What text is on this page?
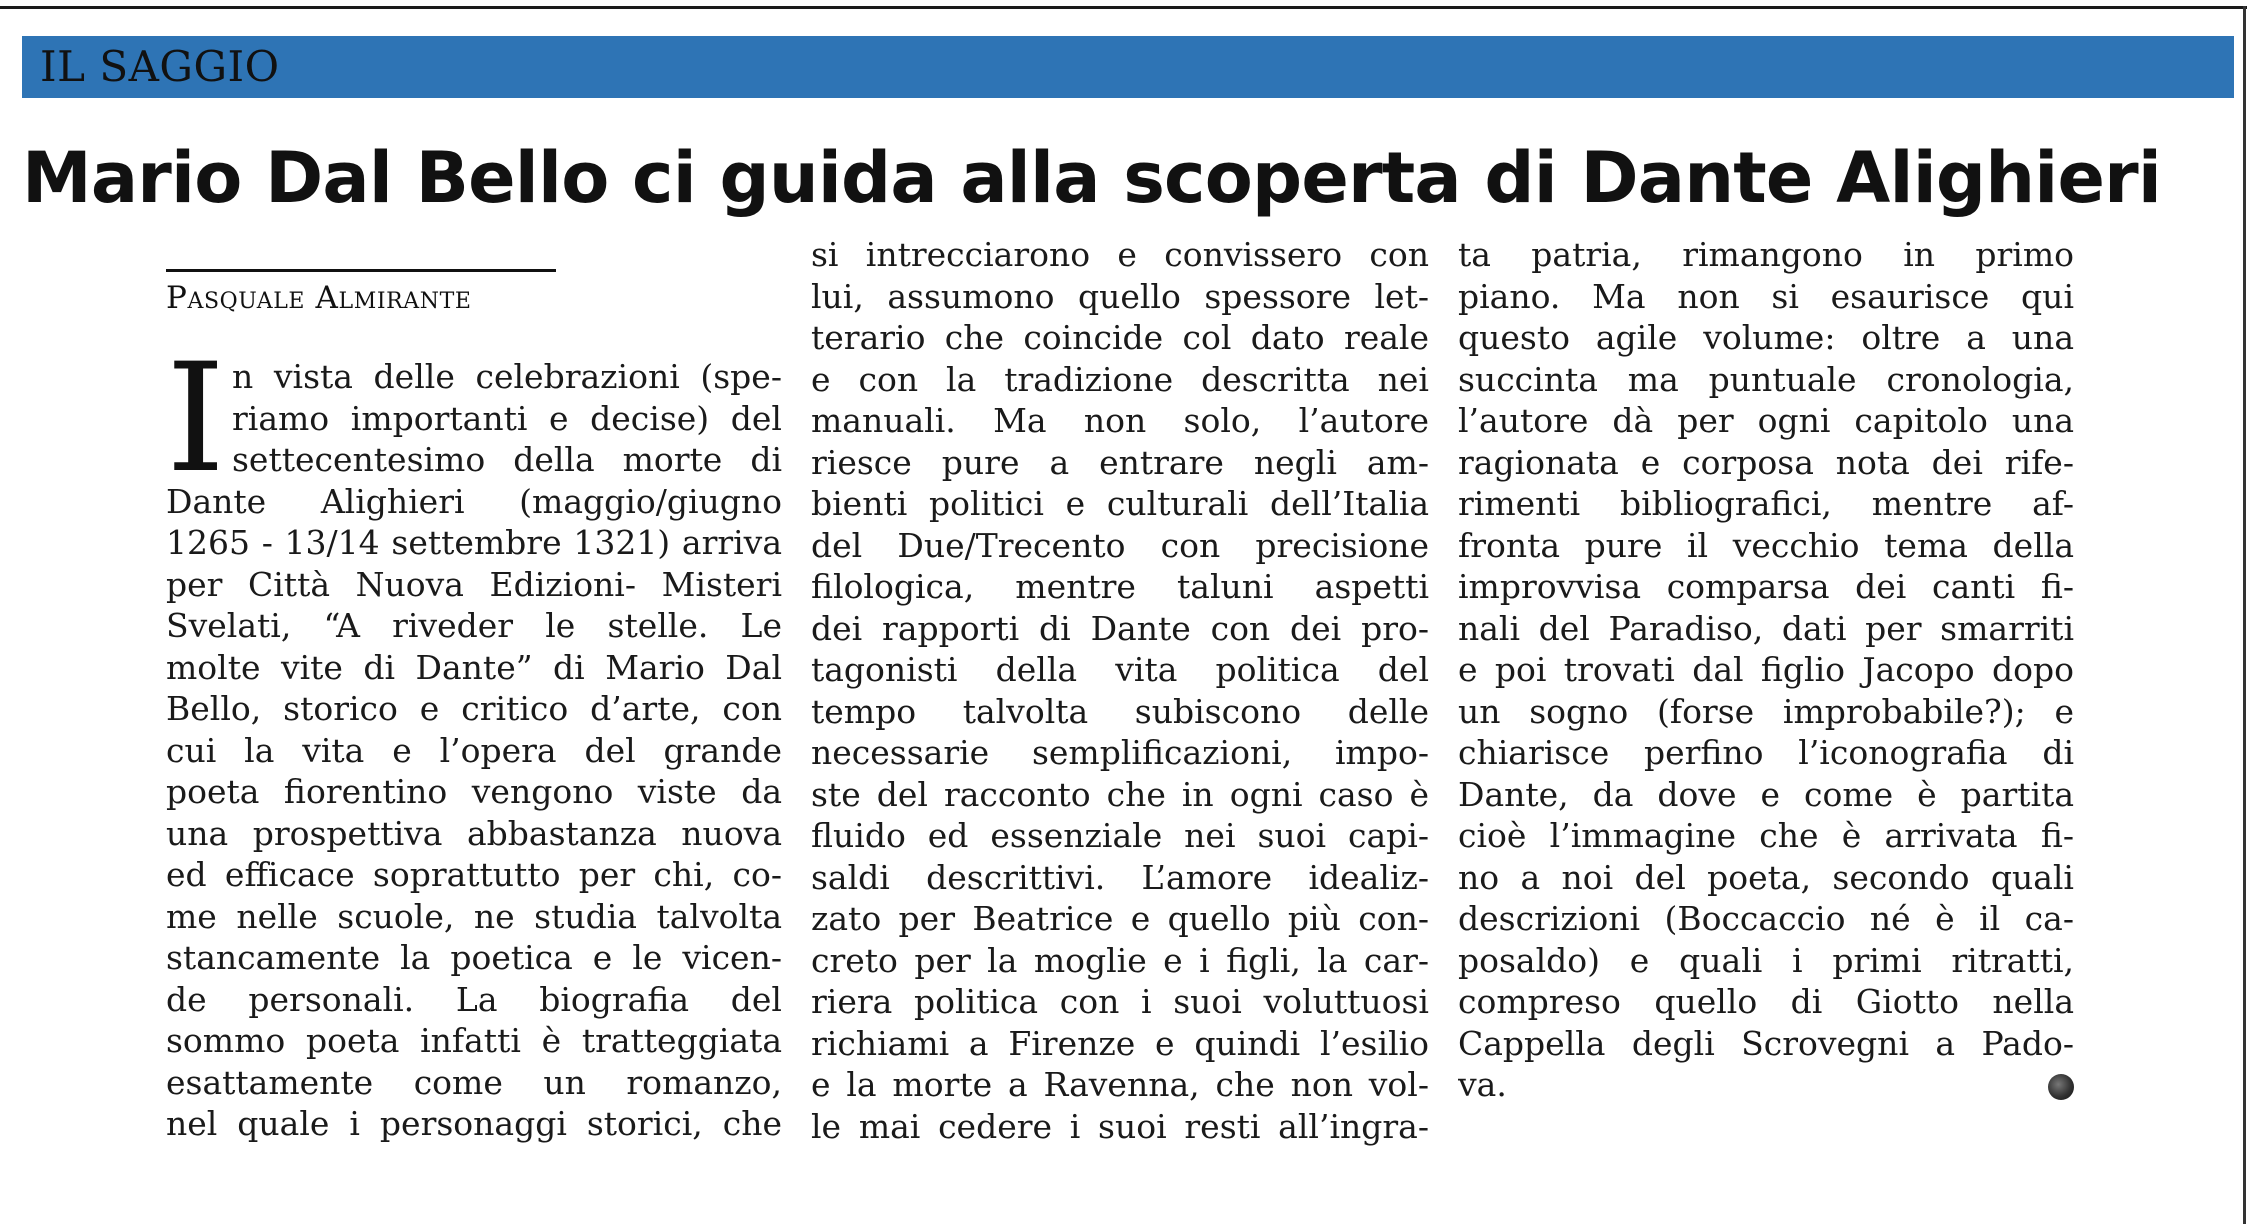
IL SAGGIO
Mario Dal Bello ci guida alla scoperta di Dante Alighieri
Pasquale Almirante
I n vista delle celebrazioni (spe-
riamo importanti e decise) del
settecentesimo della morte di
Dante Alighieri (maggio/giugno
1265 - 13/14 settembre 1321) arriva
per Città Nuova Edizioni- Misteri
Svelati, “A riveder le stelle. Le
molte vite di Dante” di Mario Dal
Bello, storico e critico d’arte, con
cui la vita e l’opera del grande
poeta fiorentino vengono viste da
una prospettiva abbastanza nuova
ed efficace soprattutto per chi, co-
me nelle scuole, ne studia talvolta
stancamente la poetica e le vicen-
de personali. La biografia del
sommo poeta infatti è tratteggiata
esattamente come un romanzo,
nel quale i personaggi storici, che
si intrecciarono e convissero con
lui, assumono quello spessore let-
terario che coincide col dato reale
e con la tradizione descritta nei
manuali. Ma non solo, l’autore
riesce pure a entrare negli am-
bienti politici e culturali dell’Italia
del Due/Trecento con precisione
filologica, mentre taluni aspetti
dei rapporti di Dante con dei pro-
tagonisti della vita politica del
tempo talvolta subiscono delle
necessarie semplificazioni, impo-
ste del racconto che in ogni caso è
fluido ed essenziale nei suoi capi-
saldi descrittivi. L’amore idealiz-
zato per Beatrice e quello più con-
creto per la moglie e i figli, la car-
riera politica con i suoi voluttuosi
richiami a Firenze e quindi l’esilio
e la morte a Ravenna, che non vol-
le mai cedere i suoi resti all’ingra-
ta patria, rimangono in primo
piano. Ma non si esaurisce qui
questo agile volume: oltre a una
succinta ma puntuale cronologia,
l’autore dà per ogni capitolo una
ragionata e corposa nota dei rife-
rimenti bibliografici, mentre af-
fronta pure il vecchio tema della
improvvisa comparsa dei canti fi-
nali del Paradiso, dati per smarriti
e poi trovati dal figlio Jacopo dopo
un sogno (forse improbabile?); e
chiarisce perfino l’iconografia di
Dante, da dove e come è partita
cioè l’immagine che è arrivata fi-
no a noi del poeta, secondo quali
descrizioni (Boccaccio né è il ca-
posaldo) e quali i primi ritratti,
compreso quello di Giotto nella
Cappella degli Scrovegni a Pado-
va.
